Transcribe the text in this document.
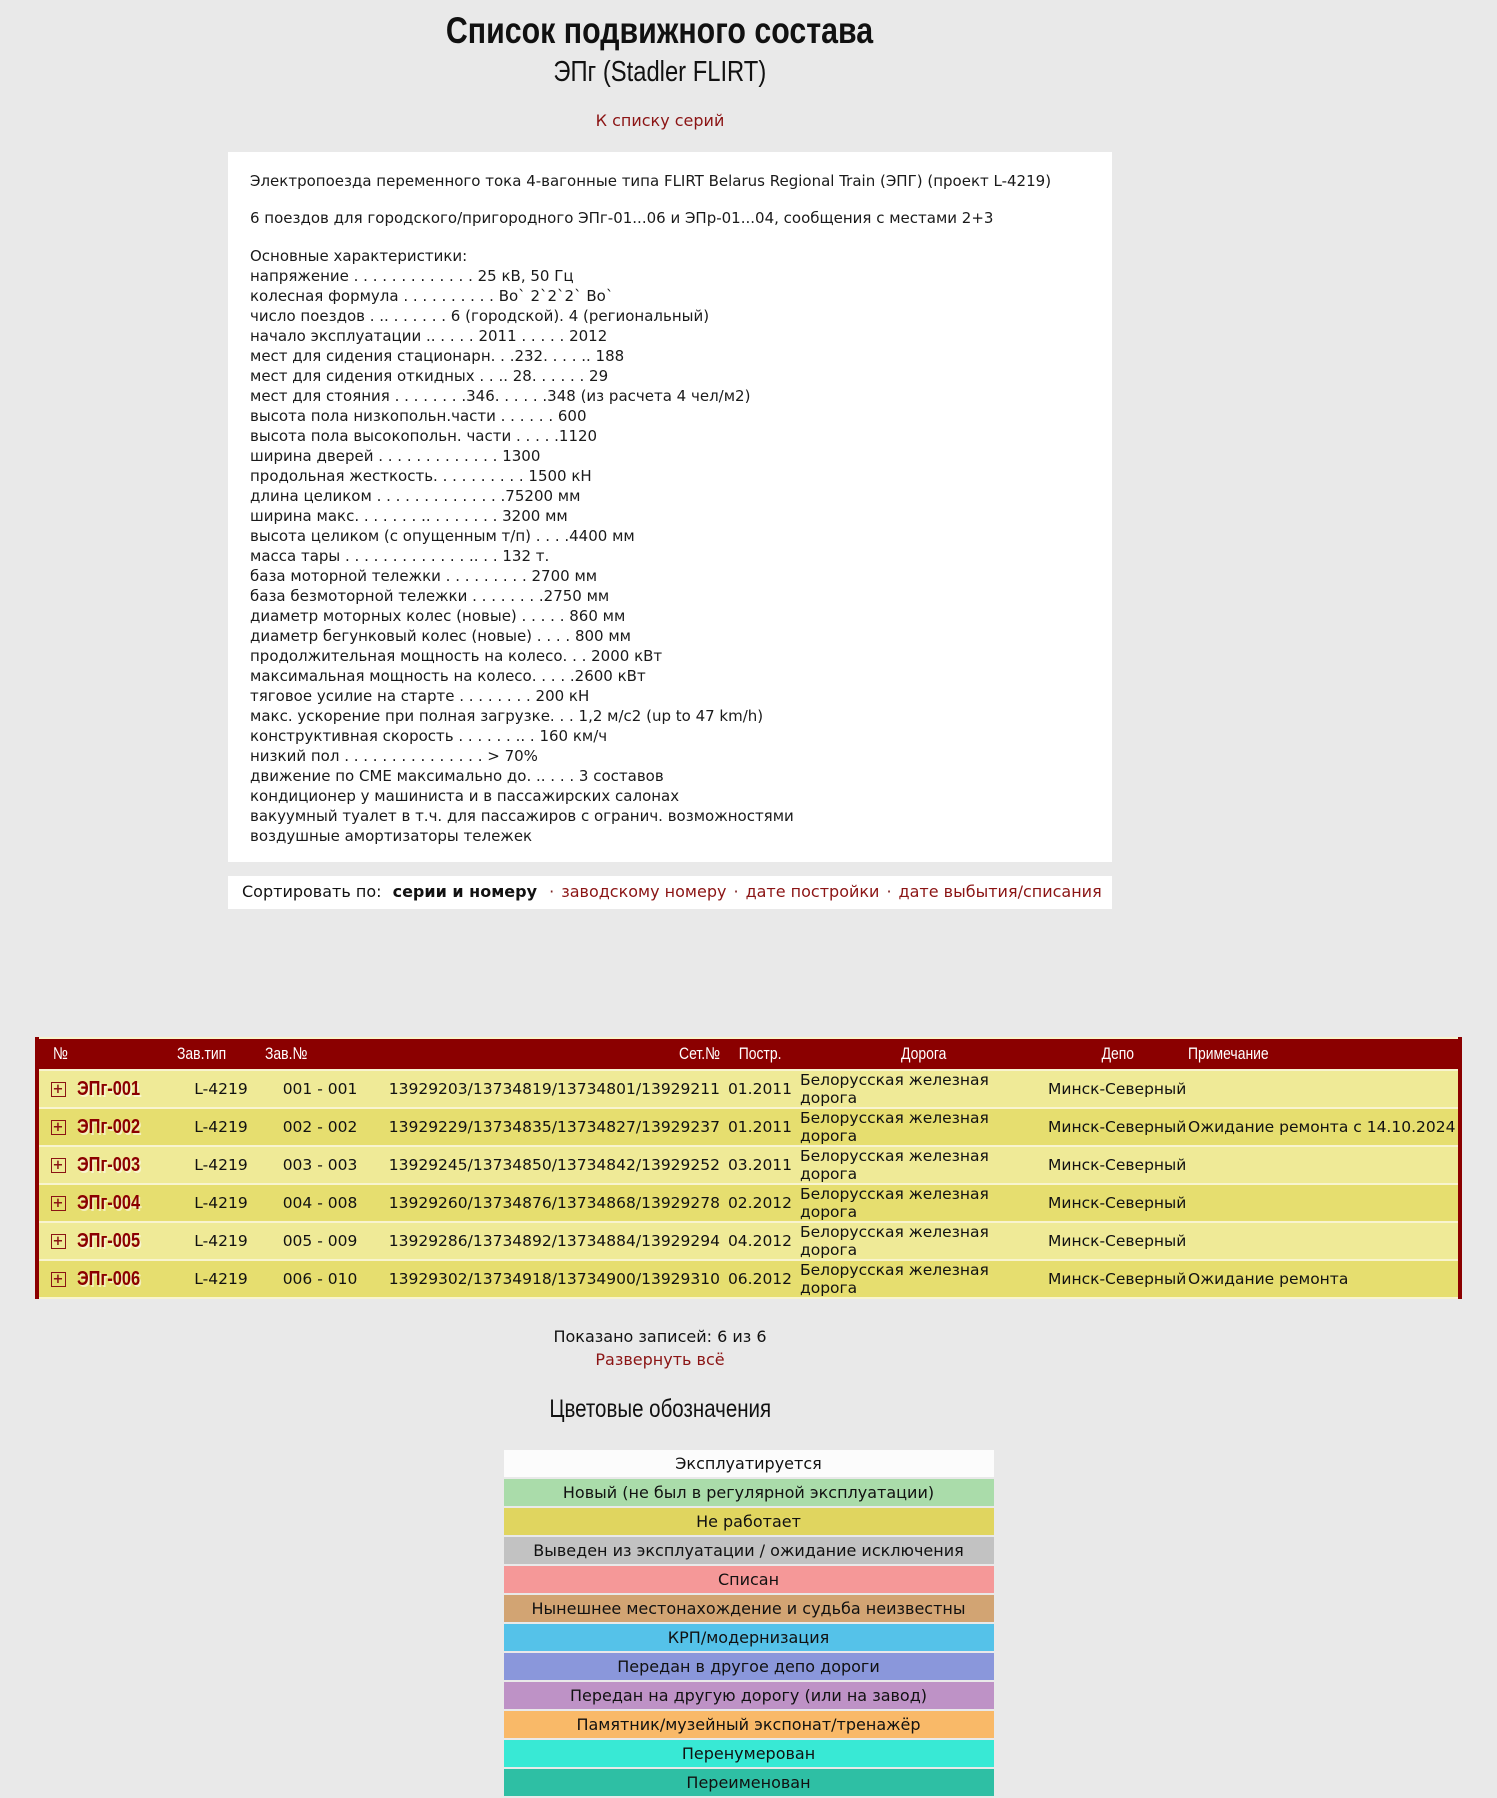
Список подвижного состава
ЭПг (Stadler FLIRT)
К списку серий

Электропоезда переменного тока 4-вагонные типа FLIRT Belarus Regional Train (ЭПГ) (проект L-4219)

6 поездов для городского/пригородного ЭПг-01...06 и ЭПр-01...04, сообщения с местами 2+3

Основные характеристики:
напряжение . . . . . . . . . . . . . 25 кВ, 50 Гц
колесная формула . . . . . . . . . . Bo` 2`2`2` Bo`
число поездов . .. . . . . . . 6 (городской). 4 (региональный)
начало эксплуатации .. . . . . 2011 . . . . . 2012
мест для сидения стационарн. . .232. . . . .. 188
мест для сидения откидных . . .. 28. . . . . . 29
мест для стояния . . . . . . . .346. . . . . .348 (из расчета 4 чел/м2)
высота пола низкопольн.части . . . . . . 600
высота пола высокопольн. части . . . . .1120
ширина дверей . . . . . . . . . . . . . 1300
продольная жесткость. . . . . . . . . . 1500 кН
длина целиком . . . . . . . . . . . . . .75200 мм
ширина макс. . . . . . . .. . . . . . . . 3200 мм
высота целиком (с опущенным т/п) . . . .4400 мм
масса тары . . . . . . . . . . . . . .. . . 132 т.
база моторной тележки . . . . . . . . . 2700 мм
база безмоторной тележки . . . . . . . .2750 мм
диаметр моторных колес (новые) . . . . . 860 мм
диаметр бегунковый колес (новые) . . . . 800 мм
продолжительная мощность на колесо. . . 2000 кВт
максимальная мощность на колесо. . . . .2600 кВт
тяговое усилие на старте . . . . . . . . 200 кН
макс. ускорение при полная загрузке. . . 1,2 м/с2 (up to 47 km/h)
конструктивная скорость . . . . . . .. . 160 км/ч
низкий пол . . . . . . . . . . . . . . . > 70%
движение по СМЕ максимально до. .. . . . 3 составов
кондиционер у машиниста и в пассажирских салонах
вакуумный туалет в т.ч. для пассажиров с огранич. возможностями
воздушные амортизаторы тележек
Сортировать по: серии и номеру · заводскому номеру · дате постройки · дате выбытия/списания
№		Зав.тип	Зав.№	Сет.№	Постр.	Дорога	Депо	Примечание
+	ЭПг-001	L-4219	001 - 001	13929203/13734819/13734801/13929211	01.2011	Белорусская железная дорога	Минск-Северный	
+	ЭПг-002	L-4219	002 - 002	13929229/13734835/13734827/13929237	01.2011	Белорусская железная дорога	Минск-Северный	Ожидание ремонта с 14.10.2024
+	ЭПг-003	L-4219	003 - 003	13929245/13734850/13734842/13929252	03.2011	Белорусская железная дорога	Минск-Северный	
+	ЭПг-004	L-4219	004 - 008	13929260/13734876/13734868/13929278	02.2012	Белорусская железная дорога	Минск-Северный	
+	ЭПг-005	L-4219	005 - 009	13929286/13734892/13734884/13929294	04.2012	Белорусская железная дорога	Минск-Северный	
+	ЭПг-006	L-4219	006 - 010	13929302/13734918/13734900/13929310	06.2012	Белорусская железная дорога	Минск-Северный	Ожидание ремонта
Показано записей: 6 из 6
Развернуть всё
Цветовые обозначения
Эксплуатируется
Новый (не был в регулярной эксплуатации)
Не работает
Выведен из эксплуатации / ожидание исключения
Списан
Нынешнее местонахождение и судьба неизвестны
КРП/модернизация
Передан в другое депо дороги
Передан на другую дорогу (или на завод)
Памятник/музейный экспонат/тренажёр
Перенумерован
Переименован
